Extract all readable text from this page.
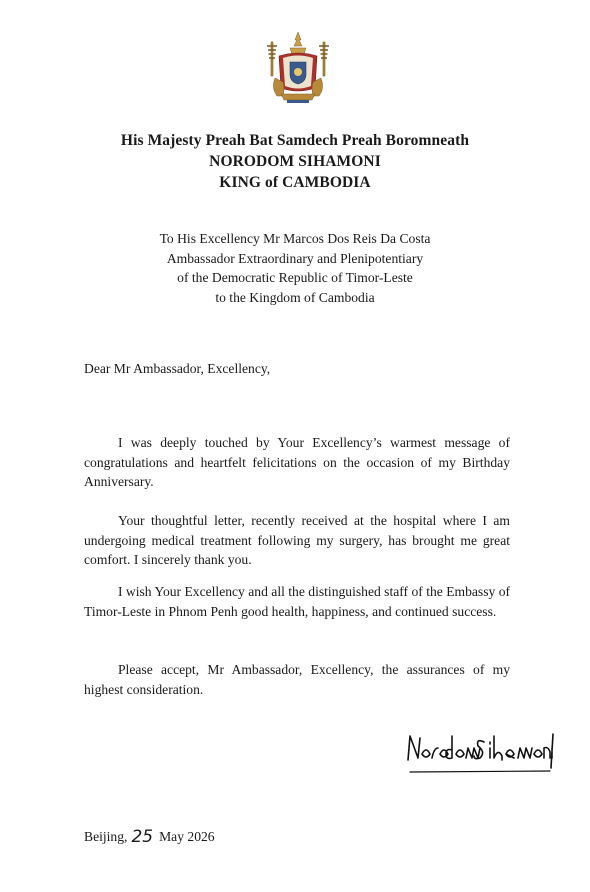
His Majesty Preah Bat Samdech Preah Boromneath
NORODOM SIHAMONI
KING of CAMBODIA
To His Excellency Mr Marcos Dos Reis Da Costa
Ambassador Extraordinary and Plenipotentiary
of the Democratic Republic of Timor-Leste
to the Kingdom of Cambodia
Dear Mr Ambassador, Excellency,
I was deeply touched by Your Excellency’s warmest message of congratulations and heartfelt felicitations on the occasion of my Birthday Anniversary.
Your thoughtful letter, recently received at the hospital where I am undergoing medical treatment following my surgery, has brought me great comfort. I sincerely thank you.
I wish Your Excellency and all the distinguished staff of the Embassy of Timor-Leste in Phnom Penh good health, happiness, and continued success.
Please accept, Mr Ambassador, Excellency, the assurances of my highest consideration.
Beijing, 25 May 2026
